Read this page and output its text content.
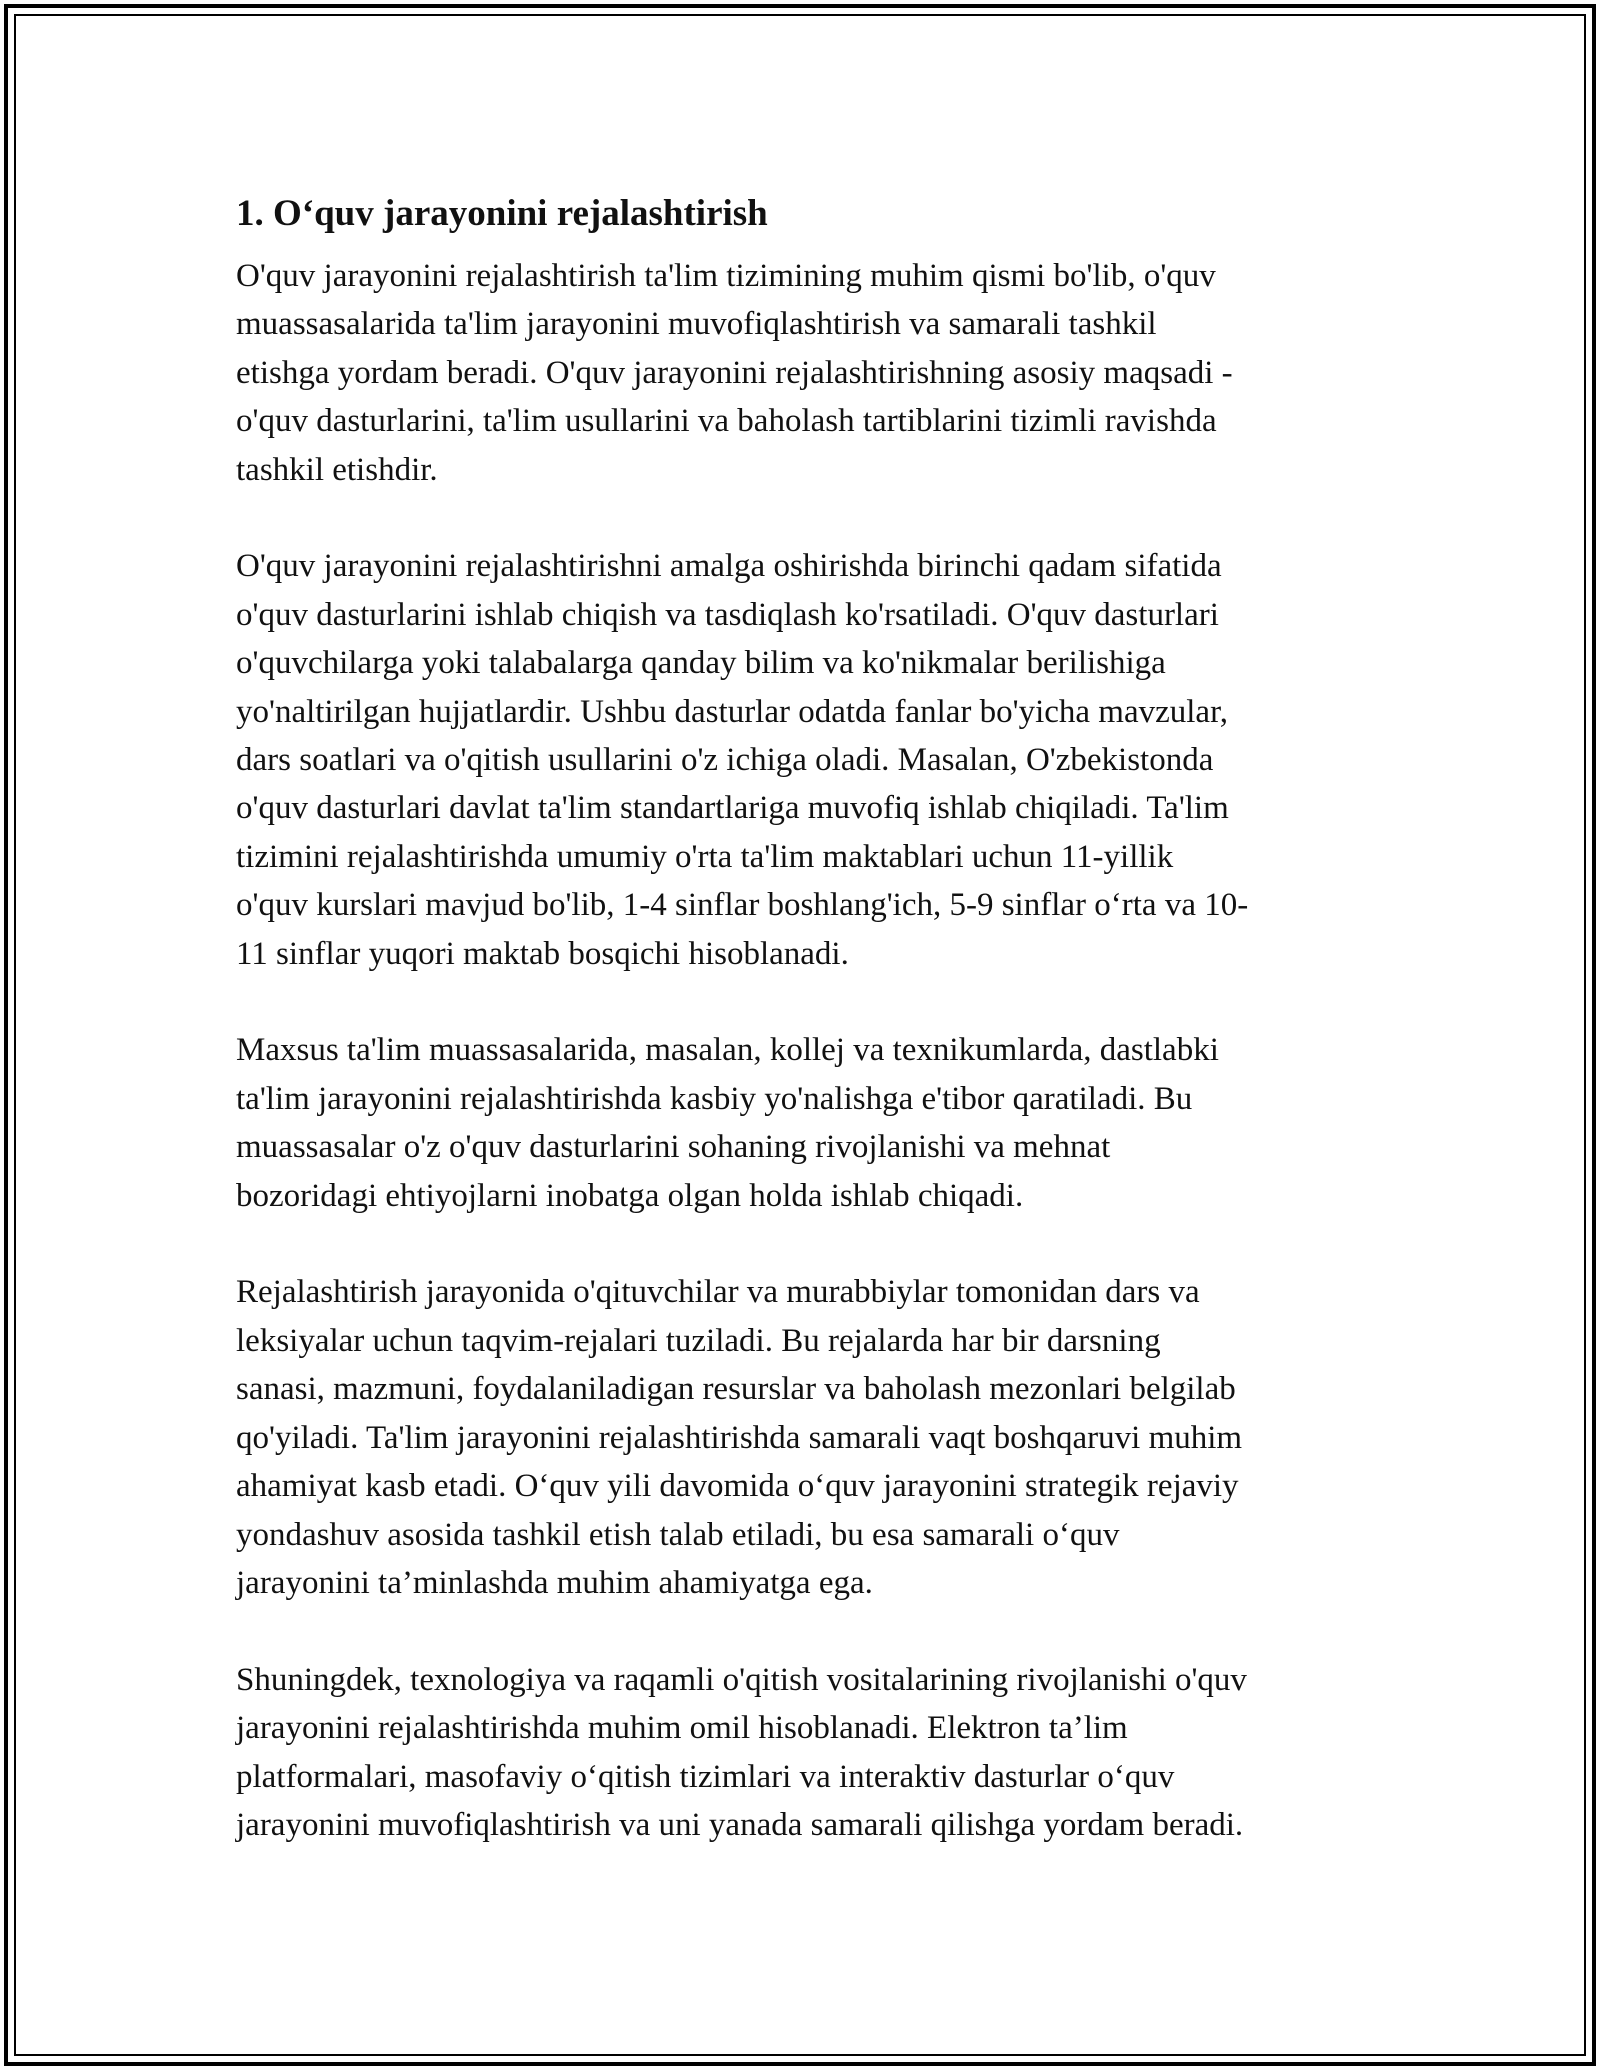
1. O‘quv jarayonini rejalashtirish

O'quv jarayonini rejalashtirish ta'lim tizimining muhim qismi bo'lib, o'quv
muassasalarida ta'lim jarayonini muvofiqlashtirish va samarali tashkil
etishga yordam beradi. O'quv jarayonini rejalashtirishning asosiy maqsadi -
o'quv dasturlarini, ta'lim usullarini va baholash tartiblarini tizimli ravishda
tashkil etishdir.

O'quv jarayonini rejalashtirishni amalga oshirishda birinchi qadam sifatida
o'quv dasturlarini ishlab chiqish va tasdiqlash ko'rsatiladi. O'quv dasturlari
o'quvchilarga yoki talabalarga qanday bilim va ko'nikmalar berilishiga
yo'naltirilgan hujjatlardir. Ushbu dasturlar odatda fanlar bo'yicha mavzular,
dars soatlari va o'qitish usullarini o'z ichiga oladi. Masalan, O'zbekistonda
o'quv dasturlari davlat ta'lim standartlariga muvofiq ishlab chiqiladi. Ta'lim
tizimini rejalashtirishda umumiy o'rta ta'lim maktablari uchun 11-yillik
o'quv kurslari mavjud bo'lib, 1-4 sinflar boshlang'ich, 5-9 sinflar o‘rta va 10-
11 sinflar yuqori maktab bosqichi hisoblanadi.

Maxsus ta'lim muassasalarida, masalan, kollej va texnikumlarda, dastlabki
ta'lim jarayonini rejalashtirishda kasbiy yo'nalishga e'tibor qaratiladi. Bu
muassasalar o'z o'quv dasturlarini sohaning rivojlanishi va mehnat
bozoridagi ehtiyojlarni inobatga olgan holda ishlab chiqadi.

Rejalashtirish jarayonida o'qituvchilar va murabbiylar tomonidan dars va
leksiyalar uchun taqvim-rejalari tuziladi. Bu rejalarda har bir darsning
sanasi, mazmuni, foydalaniladigan resurslar va baholash mezonlari belgilab
qo'yiladi. Ta'lim jarayonini rejalashtirishda samarali vaqt boshqaruvi muhim
ahamiyat kasb etadi. O‘quv yili davomida o‘quv jarayonini strategik rejaviy
yondashuv asosida tashkil etish talab etiladi, bu esa samarali o‘quv
jarayonini ta’minlashda muhim ahamiyatga ega.

Shuningdek, texnologiya va raqamli o'qitish vositalarining rivojlanishi o'quv
jarayonini rejalashtirishda muhim omil hisoblanadi. Elektron ta’lim
platformalari, masofaviy o‘qitish tizimlari va interaktiv dasturlar o‘quv
jarayonini muvofiqlashtirish va uni yanada samarali qilishga yordam beradi.
